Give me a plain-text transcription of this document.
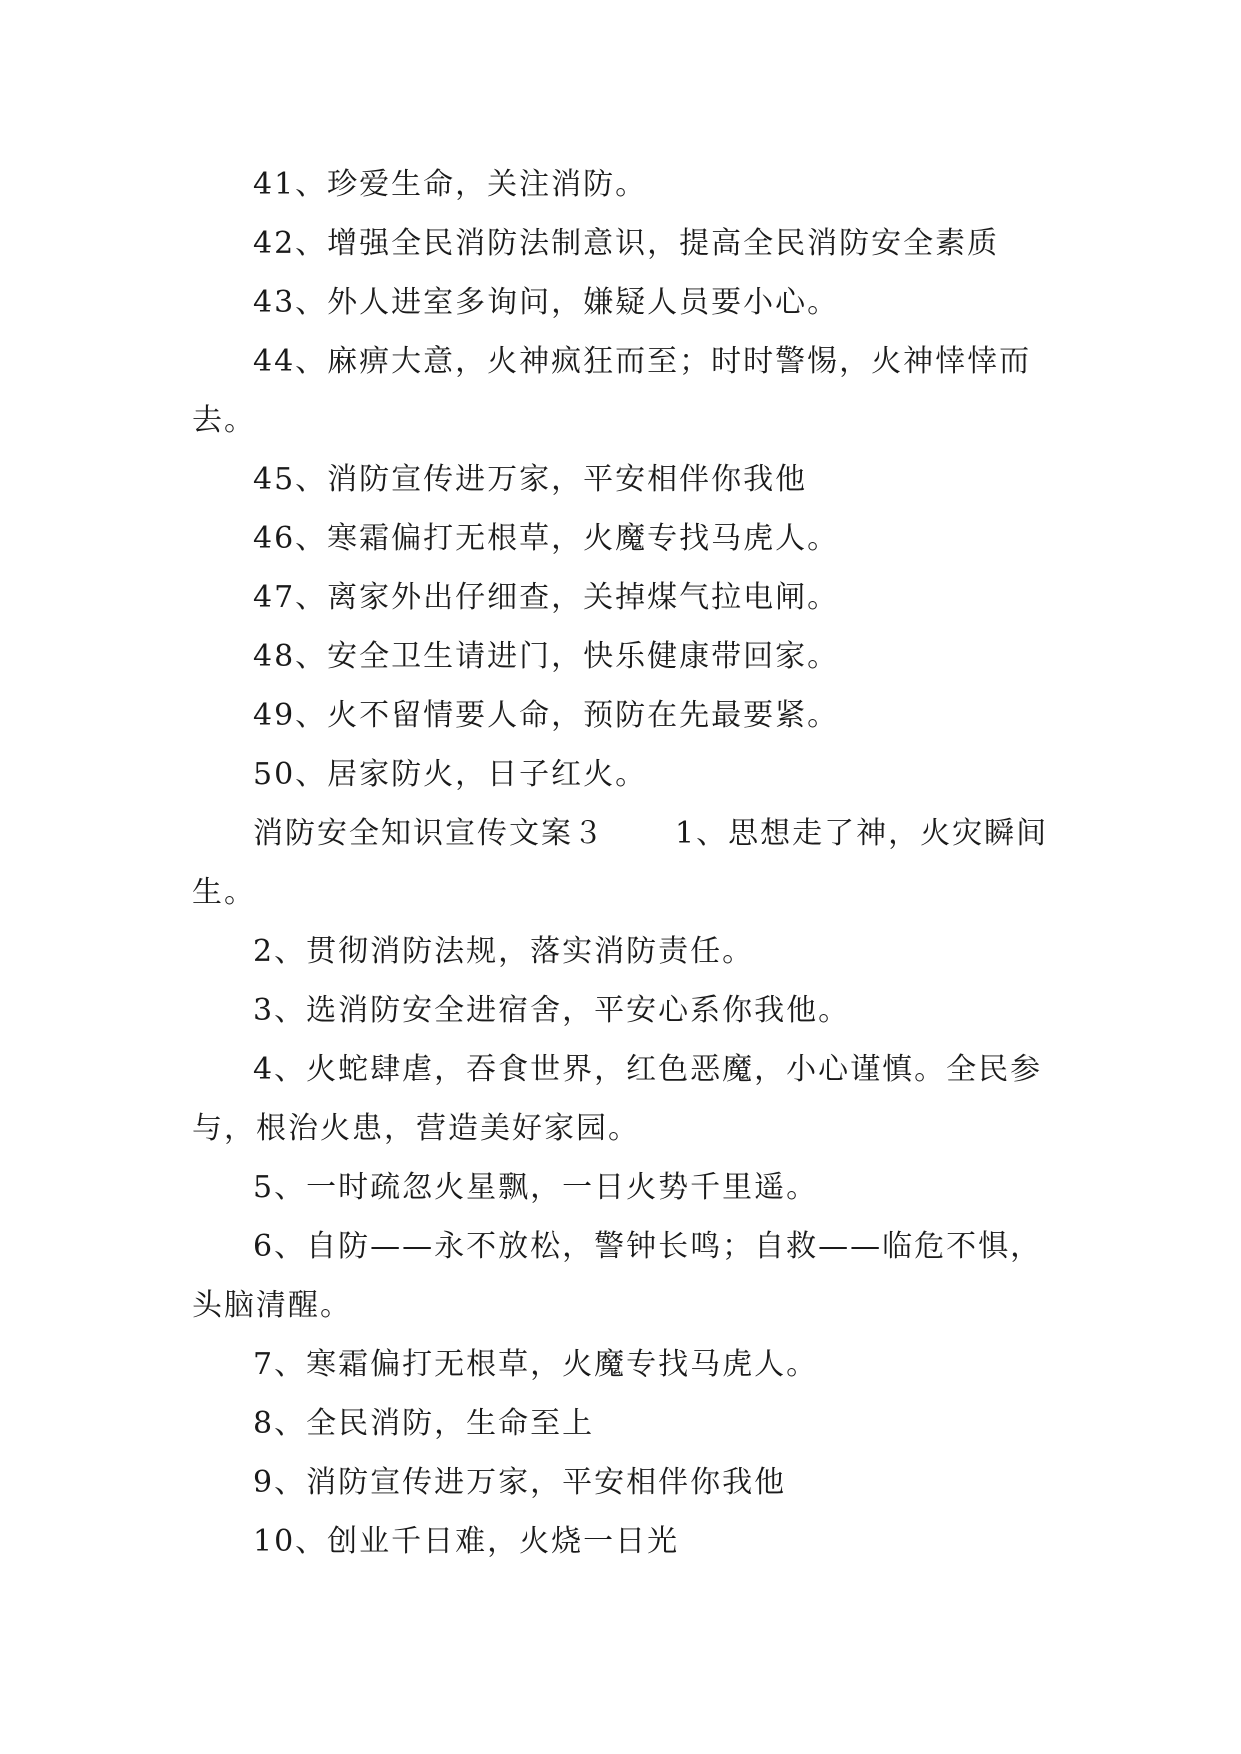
41、珍爱生命，关注消防。

42、增强全民消防法制意识，提高全民消防安全素质

43、外人进室多询问，嫌疑人员要小心。

44、麻痹大意，火神疯狂而至；时时警惕，火神悻悻而去。

45、消防宣传进万家，平安相伴你我他

46、寒霜偏打无根草，火魔专找马虎人。

47、离家外出仔细查，关掉煤气拉电闸。

48、安全卫生请进门，快乐健康带回家。

49、火不留情要人命，预防在先最要紧。

50、居家防火，日子红火。

消防安全知识宣传文案３ 1、思想走了神，火灾瞬间生。

2、贯彻消防法规，落实消防责任。

3、选消防安全进宿舍，平安心系你我他。

4、火蛇肆虐，吞食世界，红色恶魔，小心谨慎。全民参与，根治火患，营造美好家园。

5、一时疏忽火星飘，一日火势千里遥。

6、自防——永不放松，警钟长鸣；自救——临危不惧，头脑清醒。

7、寒霜偏打无根草，火魔专找马虎人。

8、全民消防，生命至上

9、消防宣传进万家，平安相伴你我他

10、创业千日难，火烧一日光
